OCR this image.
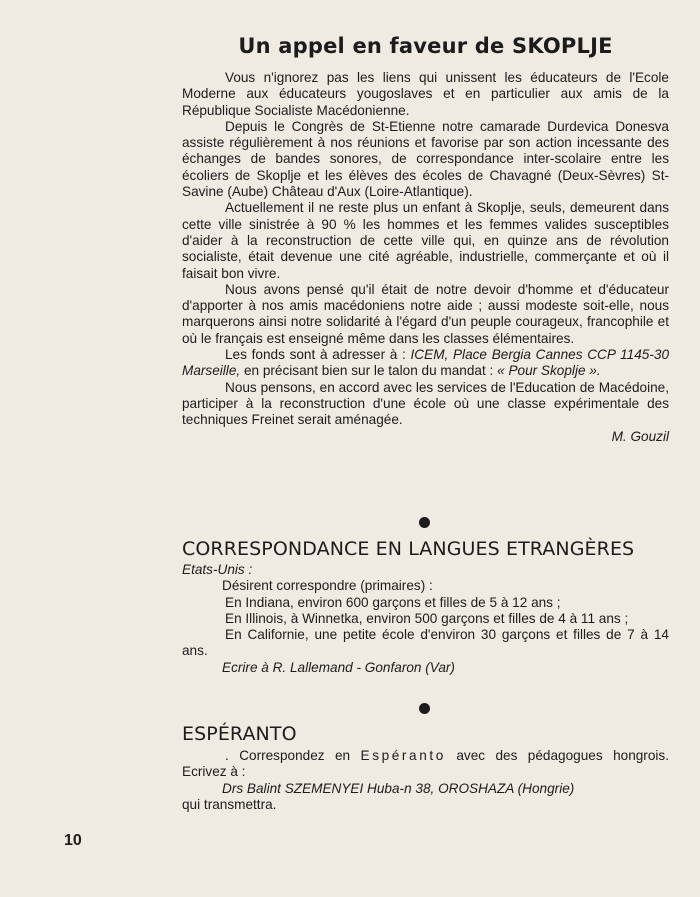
Un appel en faveur de SKOPLJE

Vous n'ignorez pas les liens qui unissent les éducateurs de l'Ecole Moderne aux éducateurs yougoslaves et en particulier aux amis de la République Socialiste Macédonienne.

Depuis le Congrès de St-Etienne notre camarade Durdevica Donesva assiste régulièrement à nos réunions et favorise par son action incessante des échanges de bandes sonores, de correspondance inter-scolaire entre les écoliers de Skoplje et les élèves des écoles de Chavagné (Deux-Sèvres) St-Savine (Aube) Château d'Aux (Loire-Atlantique).

Actuellement il ne reste plus un enfant à Skoplje, seuls, demeurent dans cette ville sinistrée à 90 % les hommes et les femmes valides susceptibles d'aider à la reconstruction de cette ville qui, en quinze ans de révolution socialiste, était devenue une cité agréable, industrielle, commerçante et où il faisait bon vivre.

Nous avons pensé qu'il était de notre devoir d'homme et d'éducateur d'apporter à nos amis macédoniens notre aide ; aussi modeste soit-elle, nous marquerons ainsi notre solidarité à l'égard d'un peuple courageux, francophile et où le français est enseigné même dans les classes élémentaires.

Les fonds sont à adresser à : ICEM, Place Bergia Cannes CCP 1145-30 Marseille, en précisant bien sur le talon du mandat : « Pour Skoplje ».

Nous pensons, en accord avec les services de l'Education de Macédoine, participer à la reconstruction d'une école où une classe expérimentale des techniques Freinet serait aménagée.

M. Gouzil

CORRESPONDANCE EN LANGUES ETRANGÈRES

Etats-Unis :

Désirent correspondre (primaires) :

En Indiana, environ 600 garçons et filles de 5 à 12 ans ;

En Illinois, à Winnetka, environ 500 garçons et filles de 4 à 11 ans ;

En Californie, une petite école d'environ 30 garçons et filles de 7 à 14 ans.

Ecrire à R. Lallemand - Gonfaron (Var)

ESPÉRANTO

. Correspondez en Espéranto avec des pédagogues hongrois. Ecrivez à :

Drs Balint SZEMENYEI Huba-n 38, OROSHAZA (Hongrie)

qui transmettra.

10
